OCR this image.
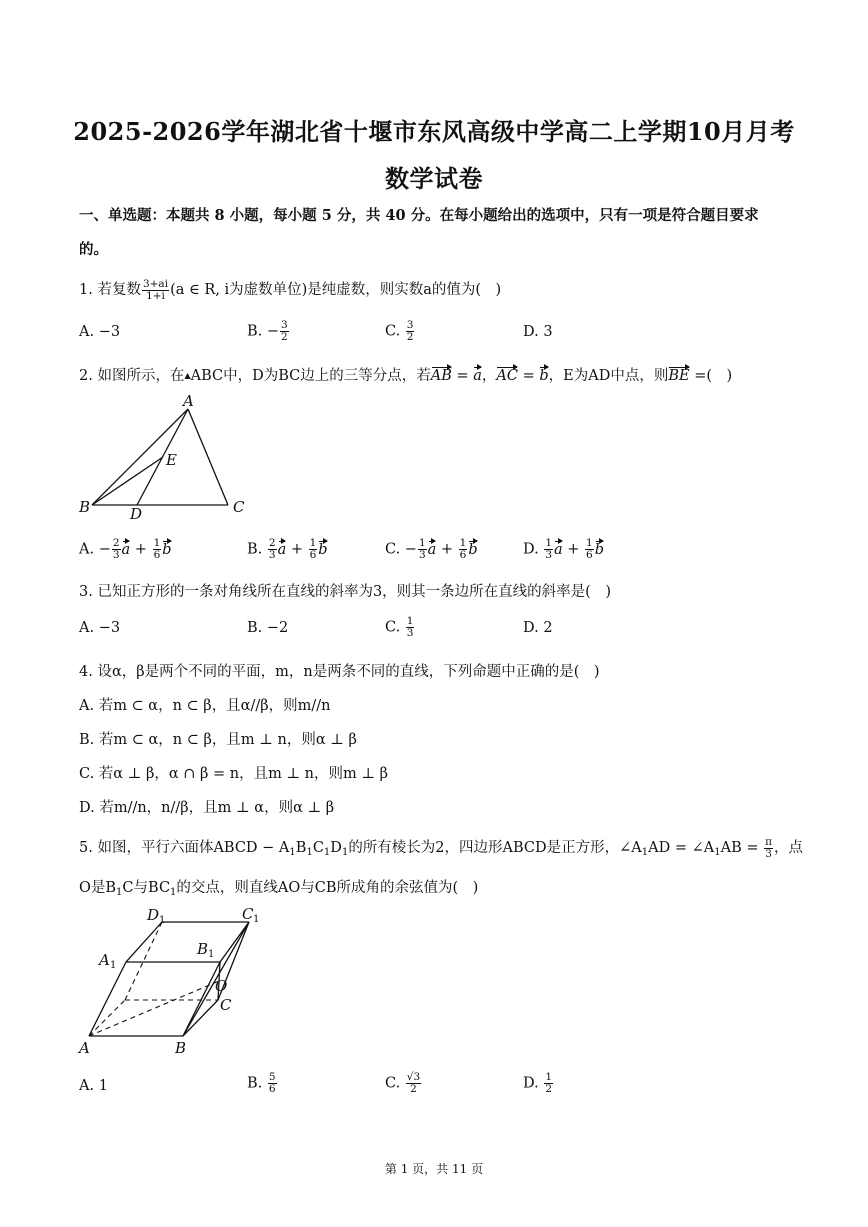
2025-2026学年湖北省十堰市东风高级中学高二上学期10月月考
数学试卷
一、单选题：本题共 8 小题，每小题 5 分，共 40 分。在每小题给出的选项中，只有一项是符合题目要求
的。
1. 若复数 $\frac{3+ai}{1+i} (a$ ∈ R, i为虚数单位)是纯虚数，则实数a的值为(　)
A. −3	B. − $\frac{3}{2}$	C. $\frac{3}{2}$	D. 3
2. 如图所示，在▲ABC中，D为BC边上的三等分点，若AB = a，AC = b，E为AD中点，则BE =(　)
A
B	C
D
E
A. − $\frac{2}{3}$ $a + \frac{1}{6}$ b	B. $\frac{2}{3}$ $a + \frac{1}{6}$ b	C. − $\frac{1}{3}$ $a + \frac{1}{6}$ b	D. $\frac{1}{3}$ $a + \frac{1}{6}$ b
3. 已知正方形的一条对角线所在直线的斜率为3，则其一条边所在直线的斜率是(　)
A. −3	B. −2	C. $\frac{1}{3}$	D. 2
4. 设α，β是两个不同的平面，m，n是两条不同的直线，下列命题中正确的是(　)
A. 若m ⊂ α，n ⊂ β，且α//β，则m//n
B. 若m ⊂ α，n ⊂ β，且m ⊥ n，则α ⊥ β
C. 若α ⊥ β，α ∩ β = n，且m ⊥ n，则m ⊥ β
D. 若m//n，n//β，且m ⊥ α，则α ⊥ β
5. 如图，平行六面体ABCD − $A_1B_1C_1D_1$的所有棱长为2，四边形ABCD是正方形，$\angle A_1AD$ = $\angle A_1AB = \frac{\pi}{3}$ ，点
O是$B_1C$与$BC_1$的交点，则直线AO与CB所成角的余弦值为(　)
A	B
C
O
D 1	C 1
A 1
B 1
A. 1	B. $\frac{5}{6}$	C. $\frac{√3}{2}$	D. $\frac{1}{2}$
第 1 页，共 11 页
